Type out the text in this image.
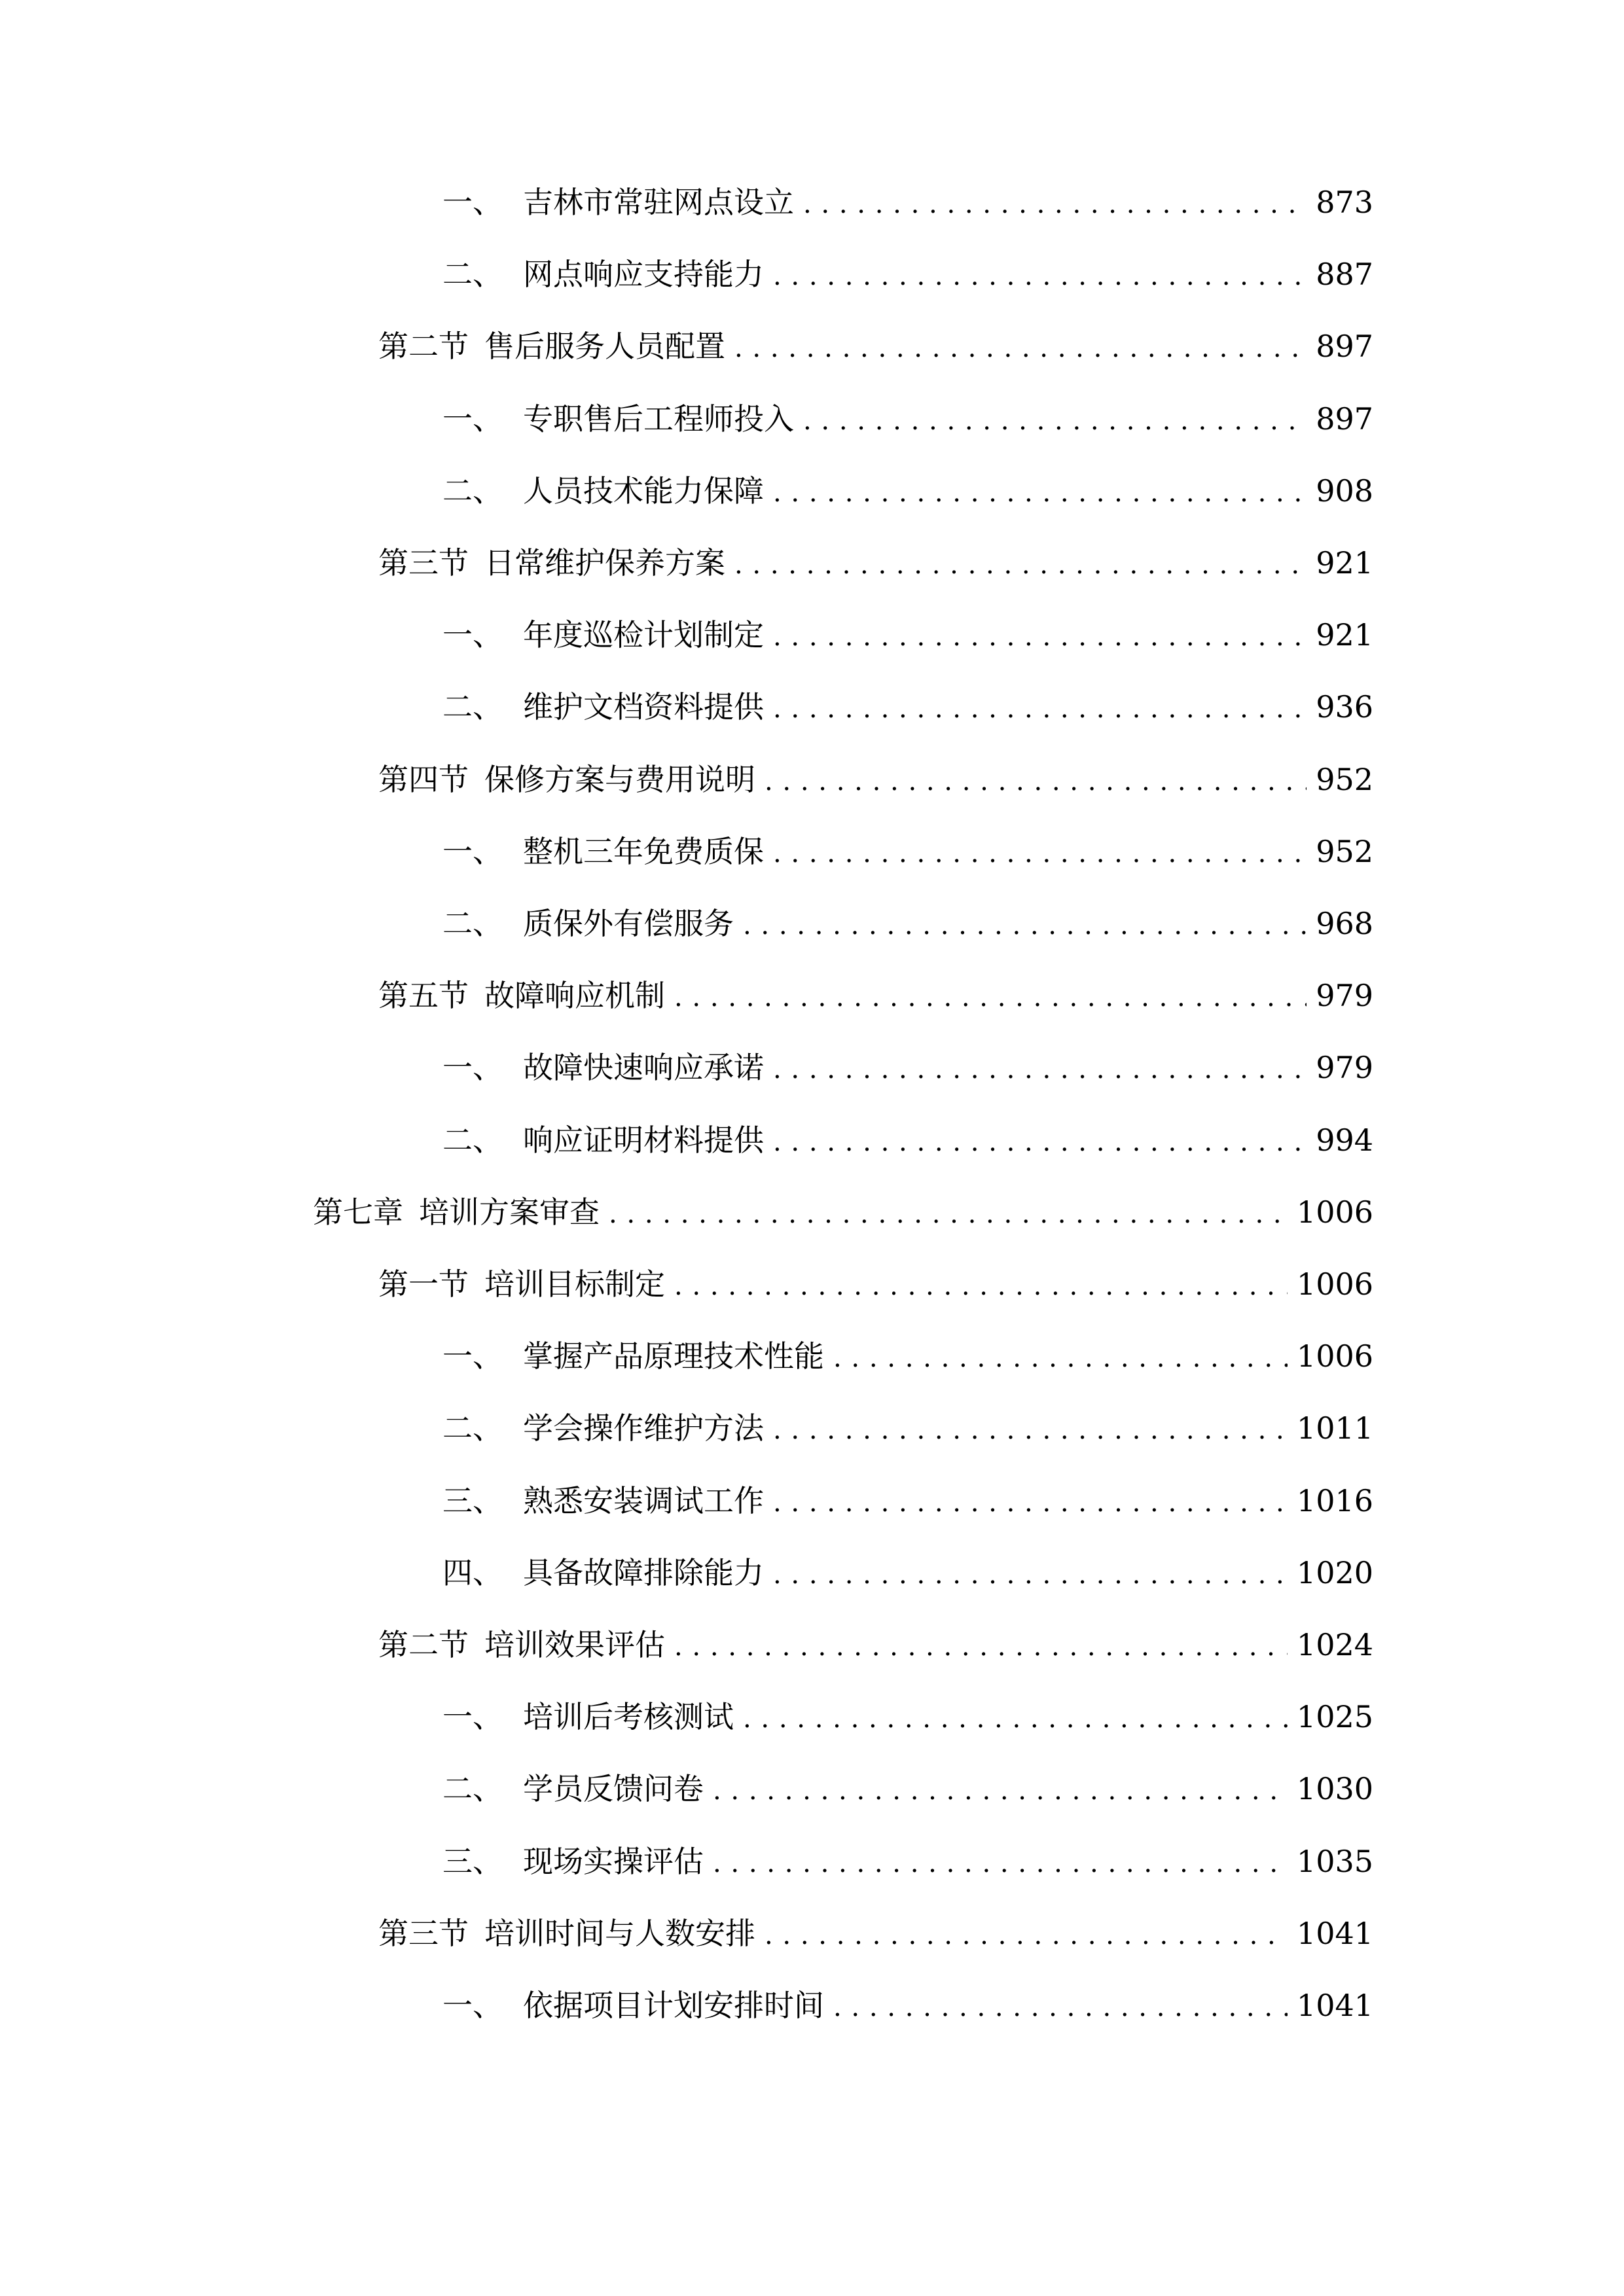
一、 吉林市常驻网点设立 . . .	873
二、 网点响应支持能力 . . .	887
第二节 售后服务人员配置 . . .	897
一、 专职售后工程师投入 . . .	897
二、 人员技术能力保障 . . .	908
第三节 日常维护保养方案 . . .	921
一、 年度巡检计划制定 . . .	921
二、 维护文档资料提供 . . .	936
第四节 保修方案与费用说明 . . .	952
一、 整机三年免费质保 . . .	952
二、 质保外有偿服务 . . .	968
第五节 故障响应机制 . . .	979
一、 故障快速响应承诺 . . .	979
二、 响应证明材料提供 . . .	994
第七章 培训方案审查 . . .	1006
第一节 培训目标制定 . . .	1006
一、 掌握产品原理技术性能 . . .	1006
二、 学会操作维护方法 . . .	1011
三、 熟悉安装调试工作 . . .	1016
四、 具备故障排除能力 . . .	1020
第二节 培训效果评估 . . .	1024
一、 培训后考核测试 . . .	1025
二、 学员反馈问卷 . . .	1030
三、 现场实操评估 . . .	1035
第三节 培训时间与人数安排 . . .	1041
一、 依据项目计划安排时间 . . .	1041
